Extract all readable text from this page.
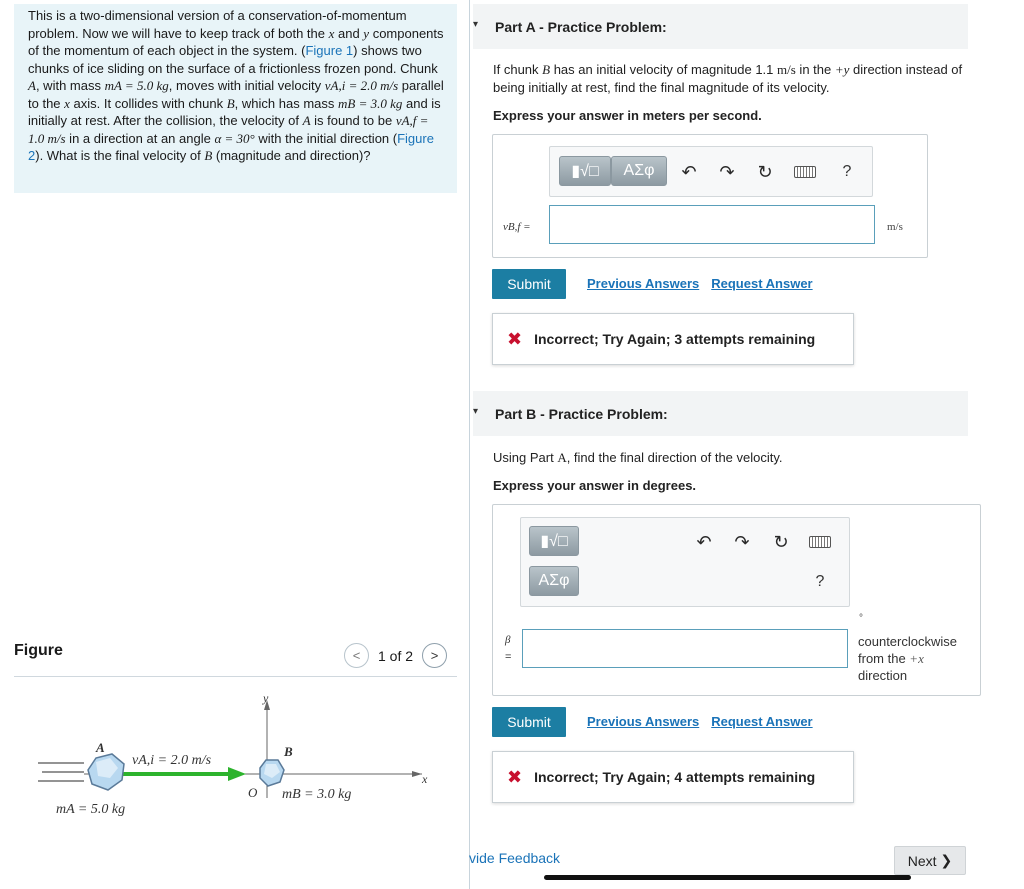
This is a two-dimensional version of a conservation-of-momentum problem. Now we will have to keep track of both the x and y components of the momentum of each object in the system. (Figure 1) shows two chunks of ice sliding on the surface of a frictionless frozen pond. Chunk A, with mass mA = 5.0 kg, moves with initial velocity vA,i = 2.0 m/s parallel to the x axis. It collides with chunk B, which has mass mB = 3.0 kg and is initially at rest. After the collision, the velocity of A is found to be vA,f = 1.0 m/s in a direction at an angle α = 30° with the initial direction (Figure 2). What is the final velocity of B (magnitude and direction)?
Figure	< 1 of 2 >
y
x
O
A	B
vA,i = 2.0 m/s
mA = 5.0 kg
mB = 3.0 kg
▾ Part A - Practice Problem:
If chunk B has an initial velocity of magnitude 1.1 m/s in the +y direction instead of being initially at rest, find the final magnitude of its velocity.
Express your answer in meters per second.
▮√□ ΑΣφ	↶	↷	↻	?
vB,f =	m/s
Submit	Previous Answers Request Answer
✖ Incorrect; Try Again; 3 attempts remaining
▾ Part B - Practice Problem:
Using Part A, find the final direction of the velocity.
Express your answer in degrees.
▮√□
ΑΣφ
↶	↷	↻
?
β
=
°
counterclockwise
from the +x
direction
Submit	Previous Answers Request Answer
✖ Incorrect; Try Again; 4 attempts remaining
vide Feedback	Next ❯
